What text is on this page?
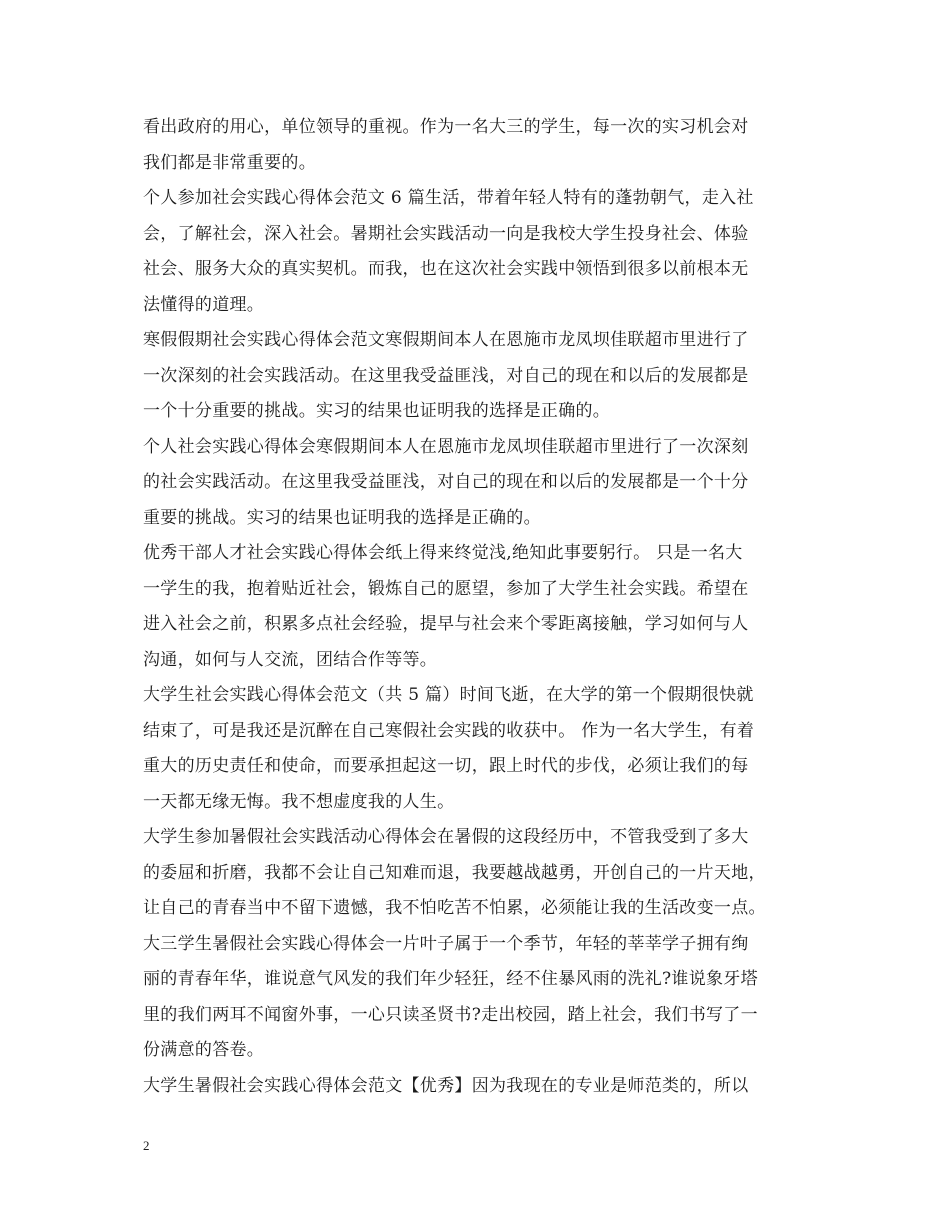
看出政府的用心，单位领导的重视。作为一名大三的学生，每一次的实习机会对
我们都是非常重要的。
个人参加社会实践心得体会范文 6 篇生活，带着年轻人特有的蓬勃朝气，走入社
会，了解社会，深入社会。暑期社会实践活动一向是我校大学生投身社会、体验
社会、服务大众的真实契机。而我，也在这次社会实践中领悟到很多以前根本无
法懂得的道理。
寒假假期社会实践心得体会范文寒假期间本人在恩施市龙凤坝佳联超市里进行了
一次深刻的社会实践活动。在这里我受益匪浅，对自己的现在和以后的发展都是
一个十分重要的挑战。实习的结果也证明我的选择是正确的。
个人社会实践心得体会寒假期间本人在恩施市龙凤坝佳联超市里进行了一次深刻
的社会实践活动。在这里我受益匪浅，对自己的现在和以后的发展都是一个十分
重要的挑战。实习的结果也证明我的选择是正确的。
优秀干部人才社会实践心得体会纸上得来终觉浅,绝知此事要躬行。 只是一名大
一学生的我，抱着贴近社会，锻炼自己的愿望，参加了大学生社会实践。希望在
进入社会之前，积累多点社会经验，提早与社会来个零距离接触，学习如何与人
沟通，如何与人交流，团结合作等等。
大学生社会实践心得体会范文（共 5 篇）时间飞逝，在大学的第一个假期很快就
结束了，可是我还是沉醉在自己寒假社会实践的收获中。 作为一名大学生，有着
重大的历史责任和使命，而要承担起这一切，跟上时代的步伐，必须让我们的每
一天都无缘无悔。我不想虚度我的人生。
大学生参加暑假社会实践活动心得体会在暑假的这段经历中，不管我受到了多大
的委屈和折磨，我都不会让自己知难而退，我要越战越勇，开创自己的一片天地，
让自己的青春当中不留下遗憾，我不怕吃苦不怕累，必须能让我的生活改变一点。
大三学生暑假社会实践心得体会一片叶子属于一个季节，年轻的莘莘学子拥有绚
丽的青春年华，谁说意气风发的我们年少轻狂，经不住暴风雨的洗礼?谁说象牙塔
里的我们两耳不闻窗外事，一心只读圣贤书?走出校园，踏上社会，我们书写了一
份满意的答卷。
大学生暑假社会实践心得体会范文【优秀】因为我现在的专业是师范类的，所以
2
